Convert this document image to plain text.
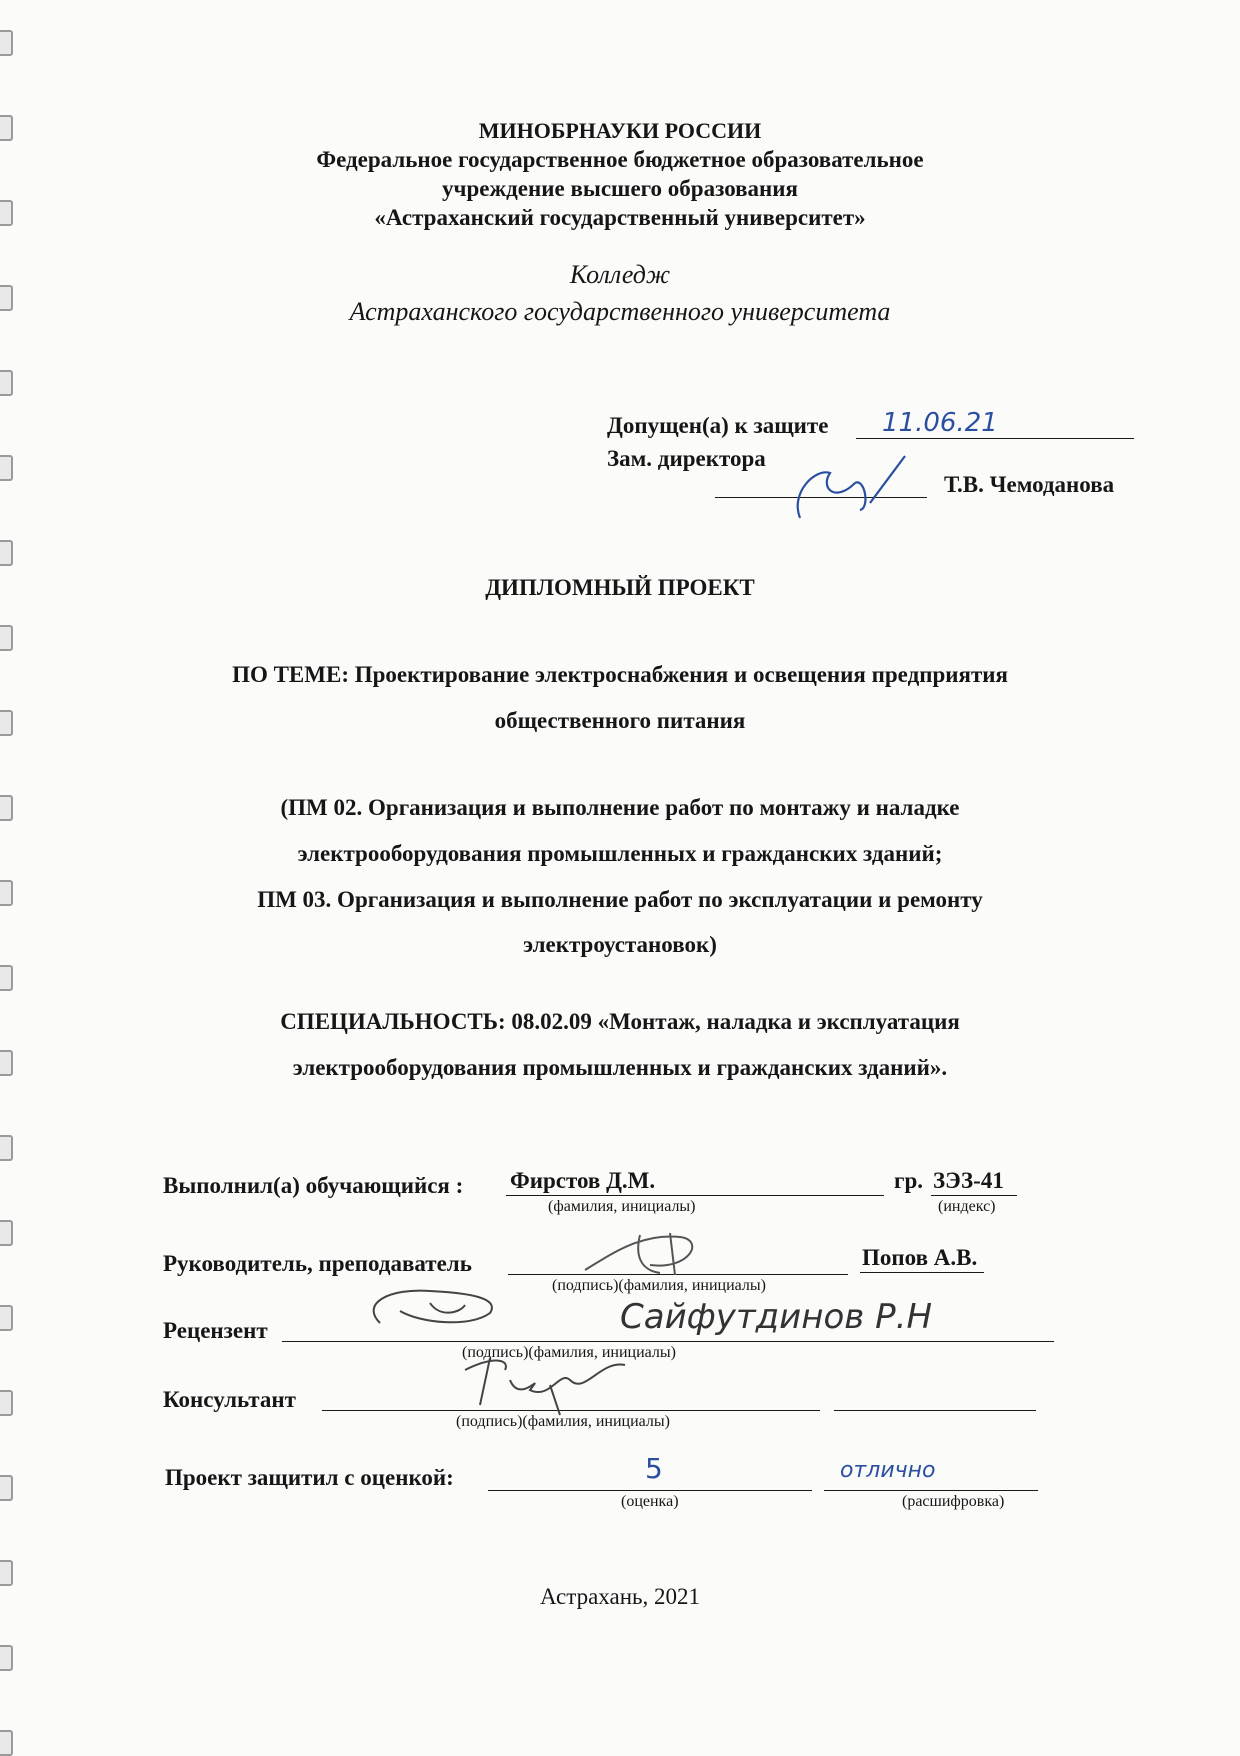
МИНОБРНАУКИ РОССИИ
Федеральное государственное бюджетное образовательное
учреждение высшего образования
«Астраханский государственный университет»
Колледж
Астраханского государственного университета
Допущен(а) к защите 11.06.21
Зам. директора
Т.В. Чемоданова
ДИПЛОМНЫЙ ПРОЕКТ
ПО ТЕМЕ: Проектирование электроснабжения и освещения предприятия
общественного питания
(ПМ 02. Организация и выполнение работ по монтажу и наладке
электрооборудования промышленных и гражданских зданий;
ПМ 03. Организация и выполнение работ по эксплуатации и ремонту
электроустановок)
СПЕЦИАЛЬНОСТЬ: 08.02.09 «Монтаж, наладка и эксплуатация
электрооборудования промышленных и гражданских зданий».
Выполнил(а) обучающийся : Фирстов Д.М.
(фамилия, инициалы)
гр. ЗЭЗ-41
(индекс)
Руководитель, преподаватель
(подпись)(фамилия, инициалы)
Попов А.В.
Рецензент	Сайфутдинов Р.Н
(подпись)(фамилия, инициалы)
Консультант
(подпись)(фамилия, инициалы)
Проект защитил с оценкой:	5
(оценка)
отлично
(расшифровка)
Астрахань, 2021
